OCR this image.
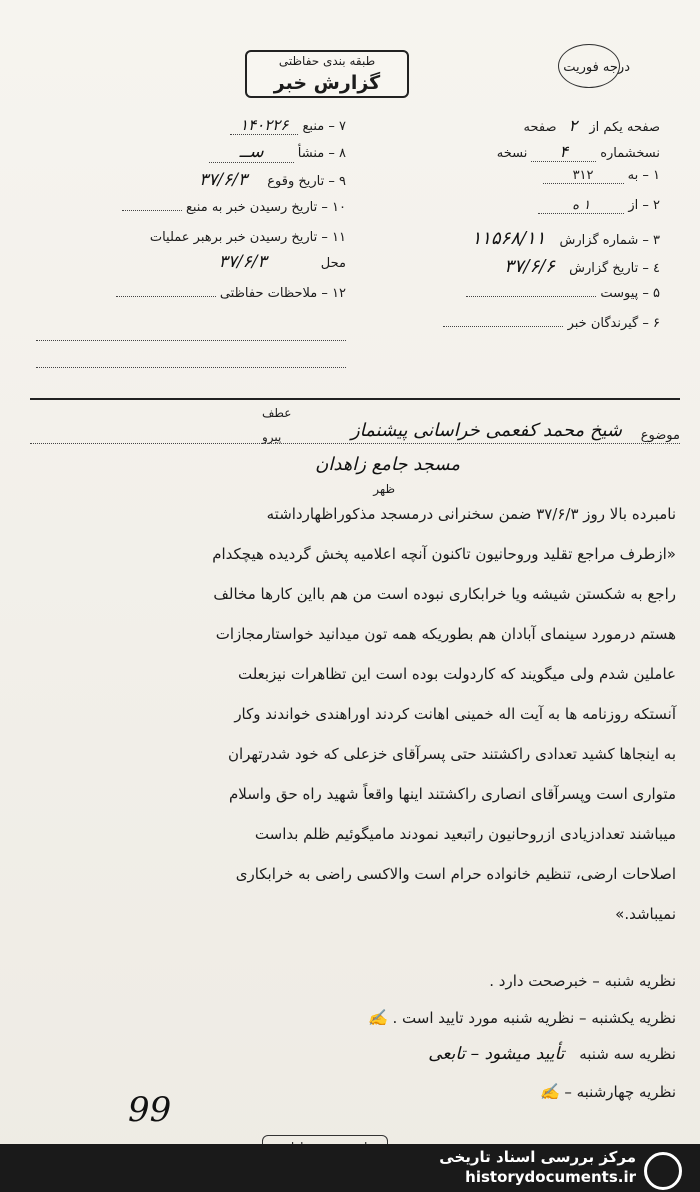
درجه فوریت
طبقه بندی حفاظتی
گزارش خبر
صفحه یکم از ۲ صفحه
نسخشماره ۴ نسخه
۱ – به ۳۱۲
۲ – از ۱ ه
۳ – شماره گزارش ۱۱۵۶۸/۱۱
٤ – تاریخ گزارش ۳۷/۶/۶
۵ – پیوست
۶ – گیرندگان خبر
۷ – منبع ۱۴۰۲۲۶
۸ – منشأ ســ
۹ – تاریخ وقوع ۳۷/۶/۳
۱۰ – تاریخ رسیدن خبر به منبع
۱۱ – تاریخ رسیدن خبر برهبر عملیات
محل ۳۷/۶/۳
۱۲ – ملاحظات حفاظتی
موضوع
شیخ محمد کفعمی خراسانی پیشنماز
عطف
پیرو
مسجد جامع زاهدان
ظهر
نامبرده بالا روز ۳۷/۶/۳ ضمن سخنرانی درمسجد مذکوراظهارداشته
«ازطرف مراجع تقلید وروحانیون تاکنون آنچه اعلامیه پخش گردیده هیچکدام
راجع به شکستن شیشه ویا خرابکاری نبوده است من هم بااین کارها مخالف
هستم درمورد سینمای آبادان هم بطوریکه همه تون میدانید خواستارمجازات
عاملین شدم ولی میگویند که کاردولت بوده است این تظاهرات نیزبعلت
آنستکه روزنامه ها به آیت اله خمینی اهانت کردند اوراهندی خواندند وکار
به اینجاها کشید تعدادی راکشتند حتی پسرآقای خزعلی که خود شدرتهران
متواری است وپسرآقای انصاری راکشتند اینها واقعاً شهید راه حق واسلام
میباشند تعدادزیادی ازروحانیون راتبعید نمودند مامیگوئیم ظلم بداست
اصلاحات ارضی، تنظیم خانواده حرام است والاکسی راضی به خرابکاری
نمیباشد.»
نظریه شنبه – خبرصحت دارد .
نظریه یکشنبه – نظریه شنبه مورد تایید است . ✍
نظریه سه شنبه تأیید میشود – تابعی
نظریه چهارشنبه – ✍
99
مرکز بررسی اسناد تاریخی
historydocuments.ir
